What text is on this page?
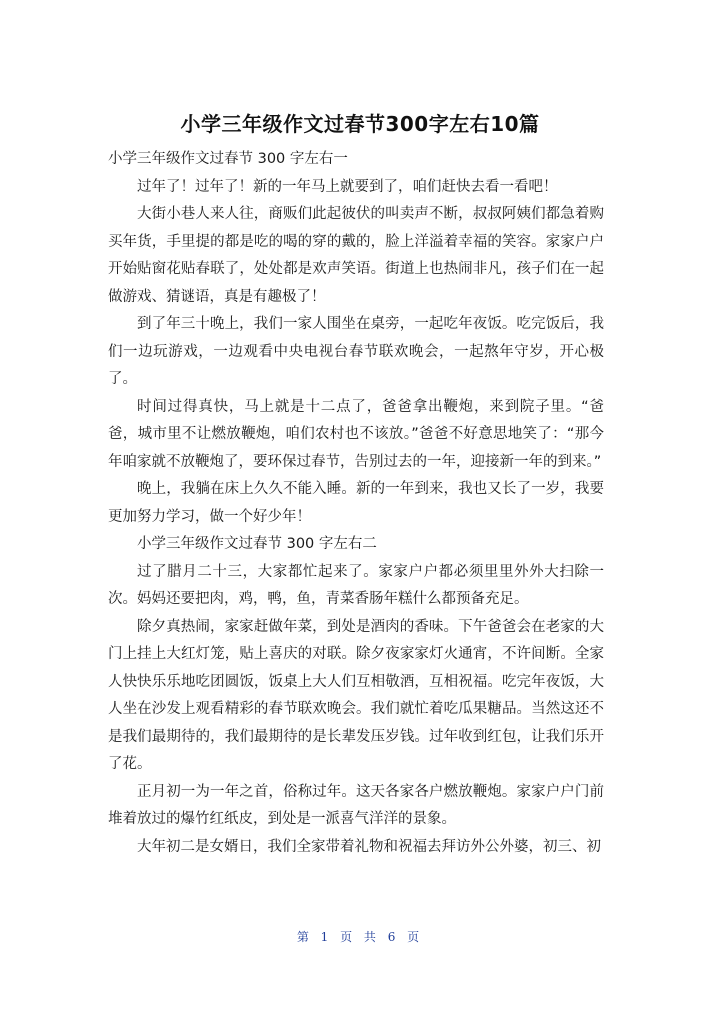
小学三年级作文过春节300字左右10篇

小学三年级作文过春节 300 字左右一

过年了！过年了！新的一年马上就要到了，咱们赶快去看一看吧！

大街小巷人来人往，商贩们此起彼伏的叫卖声不断，叔叔阿姨们都急着购买年货，手里提的都是吃的喝的穿的戴的，脸上洋溢着幸福的笑容。家家户户开始贴窗花贴春联了，处处都是欢声笑语。街道上也热闹非凡，孩子们在一起做游戏、猜谜语，真是有趣极了！

到了年三十晚上，我们一家人围坐在桌旁，一起吃年夜饭。吃完饭后，我们一边玩游戏，一边观看中央电视台春节联欢晚会，一起熬年守岁，开心极了。

时间过得真快，马上就是十二点了，爸爸拿出鞭炮，来到院子里。“爸爸，城市里不让燃放鞭炮，咱们农村也不该放。”爸爸不好意思地笑了：“那今年咱家就不放鞭炮了，要环保过春节，告别过去的一年，迎接新一年的到来。”

晚上，我躺在床上久久不能入睡。新的一年到来，我也又长了一岁，我要更加努力学习，做一个好少年！

小学三年级作文过春节 300 字左右二

过了腊月二十三，大家都忙起来了。家家户户都必须里里外外大扫除一次。妈妈还要把肉，鸡，鸭，鱼，青菜香肠年糕什么都预备充足。

除夕真热闹，家家赶做年菜，到处是酒肉的香味。下午爸爸会在老家的大门上挂上大红灯笼，贴上喜庆的对联。除夕夜家家灯火通宵，不许间断。全家人快快乐乐地吃团圆饭，饭桌上大人们互相敬酒，互相祝福。吃完年夜饭，大人坐在沙发上观看精彩的春节联欢晚会。我们就忙着吃瓜果糖品。当然这还不是我们最期待的，我们最期待的是长辈发压岁钱。过年收到红包，让我们乐开了花。

正月初一为一年之首，俗称过年。这天各家各户燃放鞭炮。家家户户门前堆着放过的爆竹红纸皮，到处是一派喜气洋洋的景象。

大年初二是女婿日，我们全家带着礼物和祝福去拜访外公外婆，初三、初

第 1 页 共 6 页
